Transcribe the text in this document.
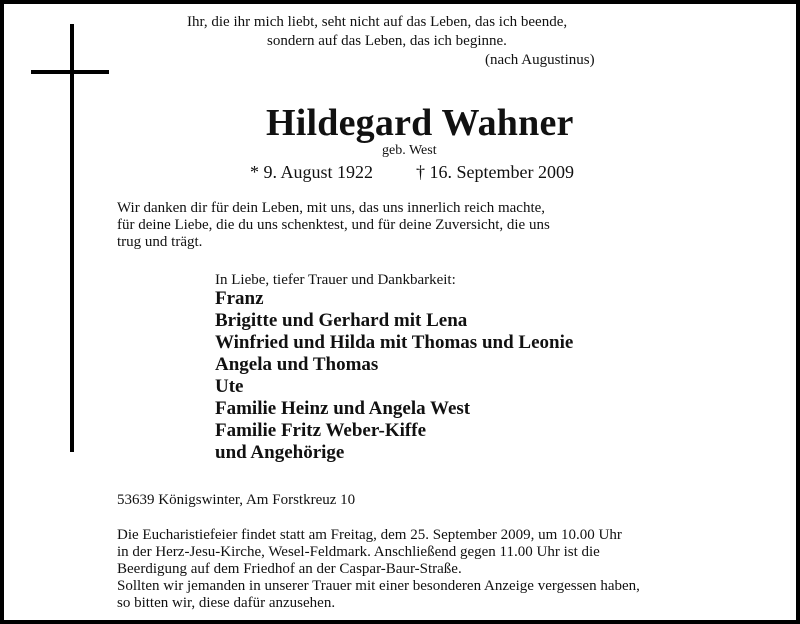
Ihr, die ihr mich liebt, seht nicht auf das Leben, das ich beende,
sondern auf das Leben, das ich beginne.
(nach Augustinus)
Hildegard Wahner
geb. West
* 9. August 1922 † 16. September 2009
Wir danken dir für dein Leben, mit uns, das uns innerlich reich machte,
für deine Liebe, die du uns schenktest, und für deine Zuversicht, die uns
trug und trägt.
In Liebe, tiefer Trauer und Dankbarkeit:
Franz
Brigitte und Gerhard mit Lena
Winfried und Hilda mit Thomas und Leonie
Angela und Thomas
Ute
Familie Heinz und Angela West
Familie Fritz Weber-Kiffe
und Angehörige
53639 Königswinter, Am Forstkreuz 10
Die Eucharistiefeier findet statt am Freitag, dem 25. September 2009, um 10.00 Uhr
in der Herz-Jesu-Kirche, Wesel-Feldmark. Anschließend gegen 11.00 Uhr ist die
Beerdigung auf dem Friedhof an der Caspar-Baur-Straße.
Sollten wir jemanden in unserer Trauer mit einer besonderen Anzeige vergessen haben,
so bitten wir, diese dafür anzusehen.
